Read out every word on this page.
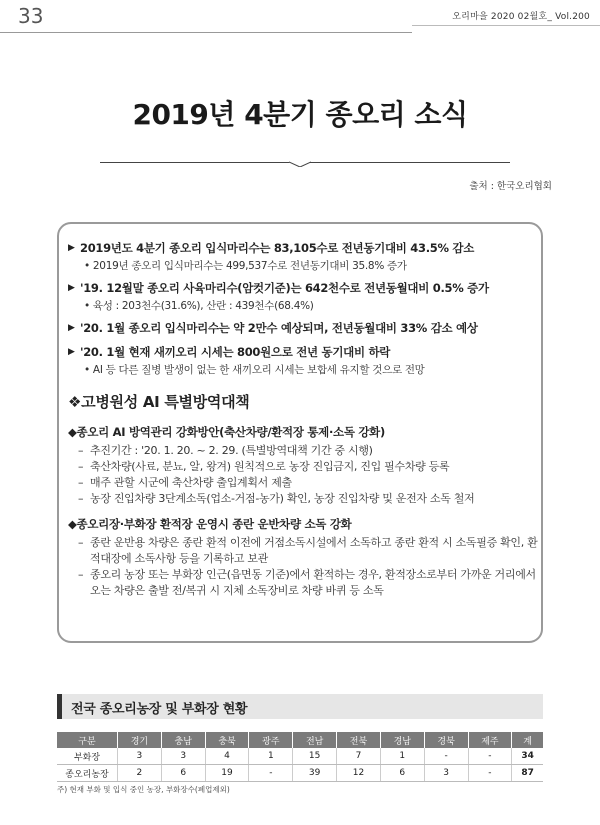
33	오리마을 2020 02월호_ Vol.200
2019년 4분기 종오리 소식
출처 : 한국오리협회
▶ 2019년도 4분기 종오리 입식마리수는 83,105수로 전년동기대비 43.5% 감소
• 2019년 종오리 입식마리수는 499,537수로 전년동기대비 35.8% 증가
▶ '19. 12월말 종오리 사육마리수(암컷기준)는 642천수로 전년동월대비 0.5% 증가
• 육성 : 203천수(31.6%), 산란 : 439천수(68.4%)
▶ '20. 1월 종오리 입식마리수는 약 2만수 예상되며, 전년동월대비 33% 감소 예상
▶ '20. 1월 현재 새끼오리 시세는 800원으로 전년 동기대비 하락
• AI 등 다른 질병 발생이 없는 한 새끼오리 시세는 보합세 유지할 것으로 전망
❖고병원성 AI 특별방역대책
◆종오리 AI 방역관리 강화방안(축산차량/환적장 통제·소독 강화)
– 추진기간 : '20. 1. 20. ~ 2. 29. (특별방역대책 기간 중 시행)
– 축산차량(사료, 분뇨, 알, 왕겨) 원칙적으로 농장 진입금지, 진입 필수차량 등록
– 매주 관할 시군에 축산차량 출입계획서 제출
– 농장 진입차량 3단계소독(업소-거점-농가) 확인, 농장 진입차량 및 운전자 소독 철저
◆종오리장·부화장 환적장 운영시 종란 운반차량 소독 강화
– 종란 운반용 차량은 종란 환적 이전에 거점소독시설에서 소독하고 종란 환적 시 소독필증 확인, 환적대장에 소독사항 등을 기록하고 보관
– 종오리 농장 또는 부화장 인근(읍면동 기준)에서 환적하는 경우, 환적장소로부터 가까운 거리에서 오는 차량은 출발 전/복귀 시 지체 소독장비로 차량 바퀴 등 소독
전국 종오리농장 및 부화장 현황
구분	경기	충남	충북	광주	전남	전북	경남	경북	제주	계
부화장	3	3	4	1	15	7	1	-	-	34
종오리농장	2	6	19	-	39	12	6	3	-	87
주) 현재 부화 및 입식 중인 농장, 부화장수(폐업제외)
